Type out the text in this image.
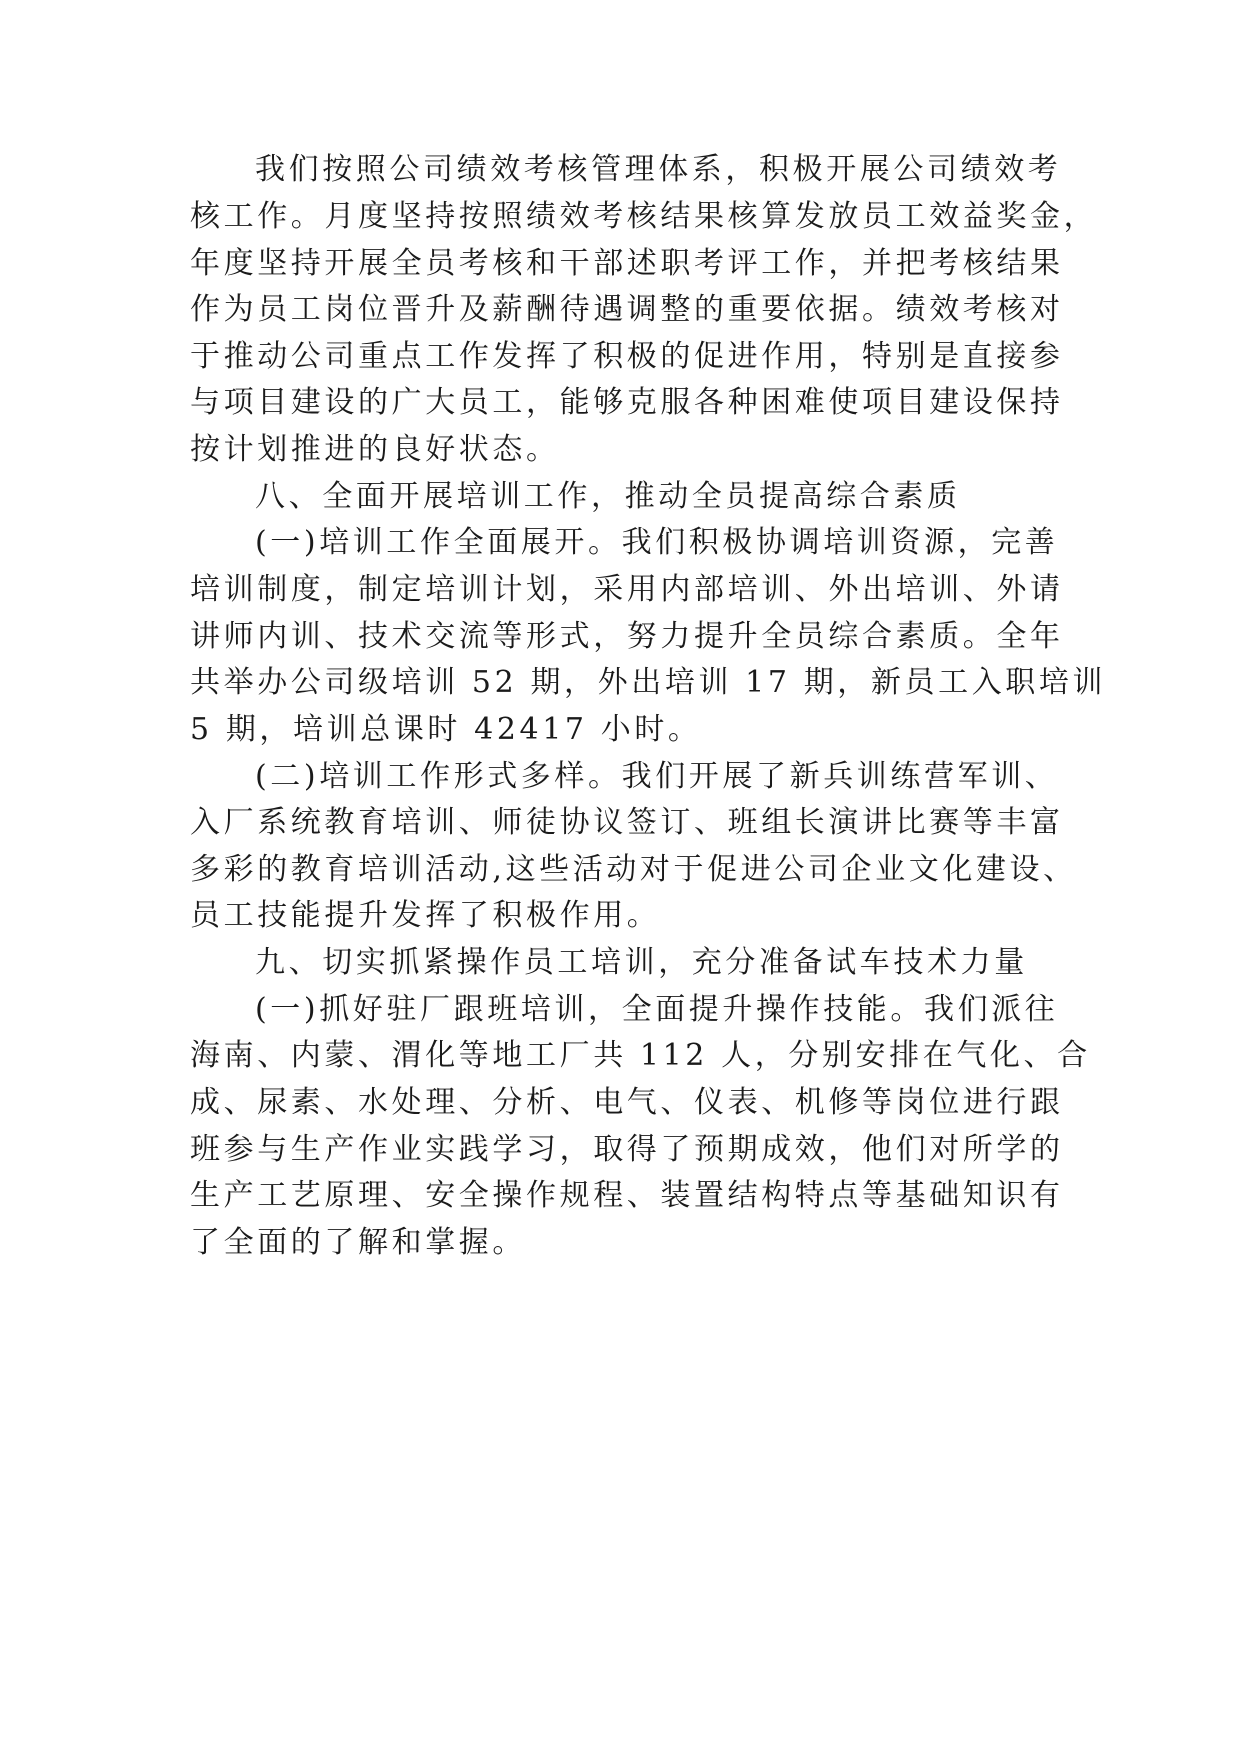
我们按照公司绩效考核管理体系，积极开展公司绩效考

核工作。月度坚持按照绩效考核结果核算发放员工效益奖金，

年度坚持开展全员考核和干部述职考评工作，并把考核结果

作为员工岗位晋升及薪酬待遇调整的重要依据。绩效考核对

于推动公司重点工作发挥了积极的促进作用，特别是直接参

与项目建设的广大员工，能够克服各种困难使项目建设保持

按计划推进的良好状态。

八、全面开展培训工作，推动全员提高综合素质

(一)培训工作全面展开。我们积极协调培训资源，完善

培训制度，制定培训计划，采用内部培训、外出培训、外请

讲师内训、技术交流等形式，努力提升全员综合素质。全年

共举办公司级培训 52 期，外出培训 17 期，新员工入职培训

5 期，培训总课时 42417 小时。

(二)培训工作形式多样。我们开展了新兵训练营军训、

入厂系统教育培训、师徒协议签订、班组长演讲比赛等丰富

多彩的教育培训活动,这些活动对于促进公司企业文化建设、

员工技能提升发挥了积极作用。

九、切实抓紧操作员工培训，充分准备试车技术力量

(一)抓好驻厂跟班培训，全面提升操作技能。我们派往

海南、内蒙、渭化等地工厂共 112 人，分别安排在气化、合

成、尿素、水处理、分析、电气、仪表、机修等岗位进行跟

班参与生产作业实践学习，取得了预期成效，他们对所学的

生产工艺原理、安全操作规程、装置结构特点等基础知识有

了全面的了解和掌握。
